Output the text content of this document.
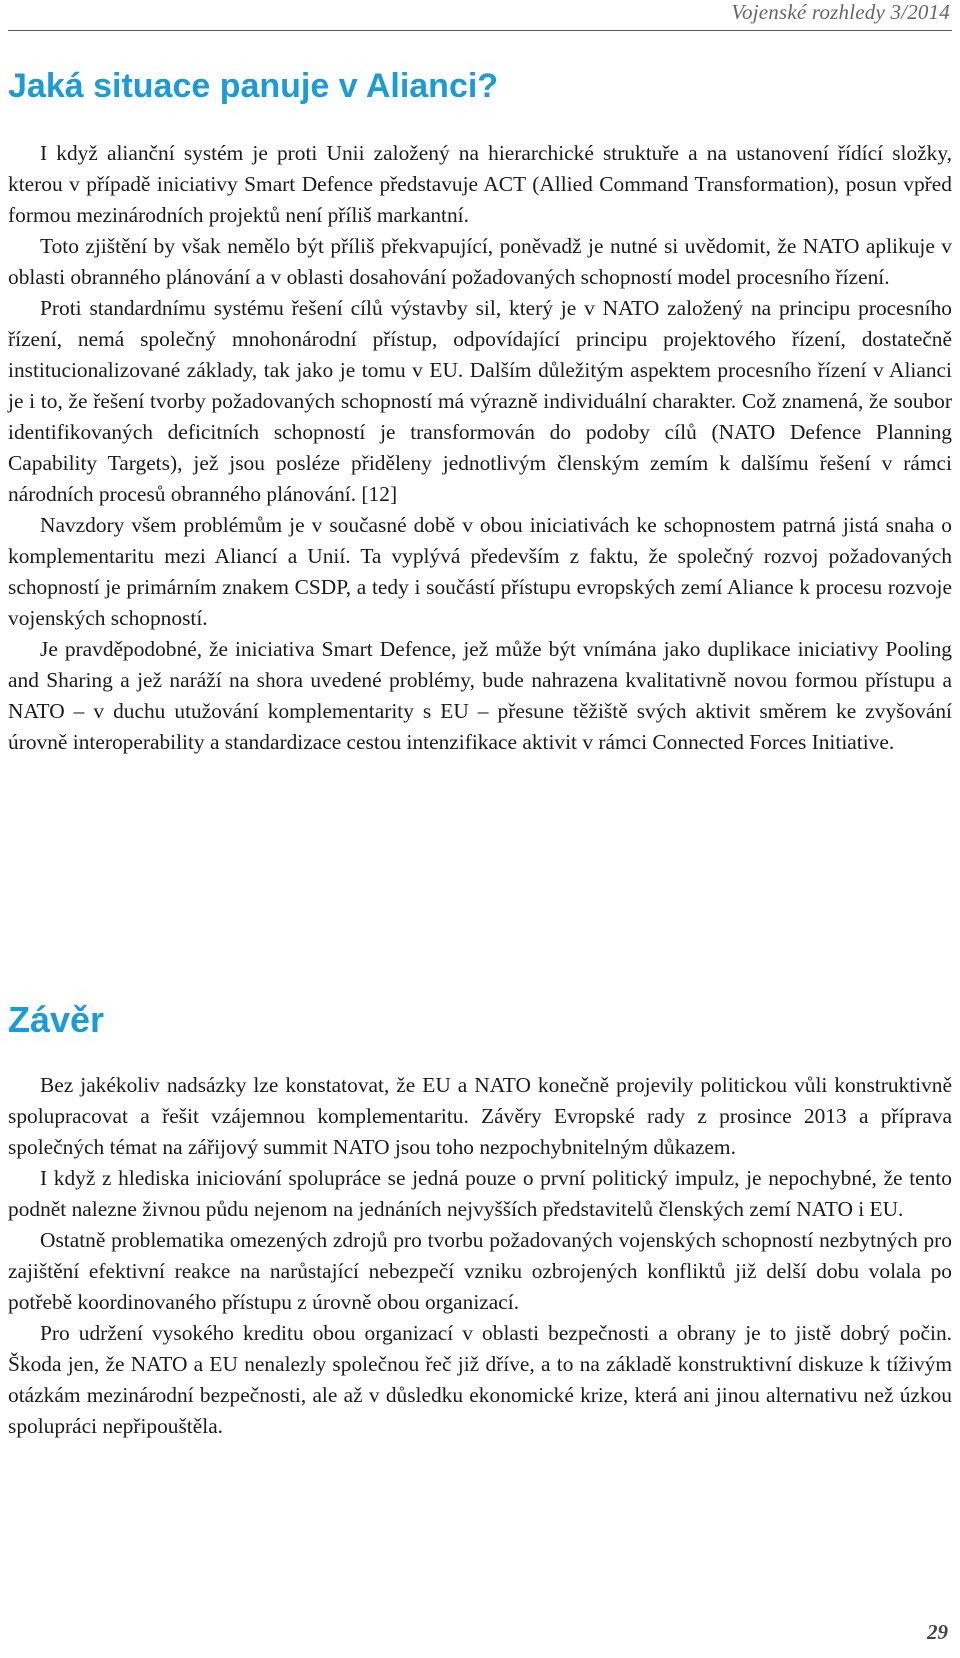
Vojenské rozhledy 3/2014
Jaká situace panuje v Alianci?

I když alianční systém je proti Unii založený na hierarchické struktuře a na ustanovení řídící složky, kterou v případě iniciativy Smart Defence představuje ACT (Allied Command Transformation), posun vpřed formou mezinárodních projektů není příliš markantní.

Toto zjištění by však nemělo být příliš překvapující, poněvadž je nutné si uvědomit, že NATO aplikuje v oblasti obranného plánování a v oblasti dosahování požadovaných schopností model procesního řízení.

Proti standardnímu systému řešení cílů výstavby sil, který je v NATO založený na principu procesního řízení, nemá společný mnohonárodní přístup, odpovídající principu projektového řízení, dostatečně institucionalizované základy, tak jako je tomu v EU. Dalším důležitým aspektem procesního řízení v Alianci je i to, že řešení tvorby požadovaných schopností má výrazně individuální charakter. Což znamená, že soubor identifikovaných deficitních schopností je transformován do podoby cílů (NATO Defence Planning Capability Targets), jež jsou posléze přiděleny jednotlivým členským zemím k dalšímu řešení v rámci národních procesů obranného plánování. [12]

Navzdory všem problémům je v současné době v obou iniciativách ke schopnostem patrná jistá snaha o komplementaritu mezi Aliancí a Unií. Ta vyplývá především z faktu, že společný rozvoj požadovaných schopností je primárním znakem CSDP, a tedy i součástí přístupu evropských zemí Aliance k procesu rozvoje vojenských schopností.

Je pravděpodobné, že iniciativa Smart Defence, jež může být vnímána jako duplikace iniciativy Pooling and Sharing a jež naráží na shora uvedené problémy, bude nahrazena kvalitativně novou formou přístupu a NATO – v duchu utužování komplementarity s EU – přesune těžiště svých aktivit směrem ke zvyšování úrovně interoperability a standardizace cestou intenzifikace aktivit v rámci Connected Forces Initiative.

Závěr

Bez jakékoliv nadsázky lze konstatovat, že EU a NATO konečně projevily politickou vůli konstruktivně spolupracovat a řešit vzájemnou komplementaritu. Závěry Evropské rady z prosince 2013 a příprava společných témat na zářijový summit NATO jsou toho nezpochybnitelným důkazem.

I když z hlediska iniciování spolupráce se jedná pouze o první politický impulz, je nepochybné, že tento podnět nalezne živnou půdu nejenom na jednáních nejvyšších představitelů členských zemí NATO i EU.

Ostatně problematika omezených zdrojů pro tvorbu požadovaných vojenských schopností nezbytných pro zajištění efektivní reakce na narůstající nebezpečí vzniku ozbrojených konfliktů již delší dobu volala po potřebě koordinovaného přístupu z úrovně obou organizací.

Pro udržení vysokého kreditu obou organizací v oblasti bezpečnosti a obrany je to jistě dobrý počin. Škoda jen, že NATO a EU nenalezly společnou řeč již dříve, a to na základě konstruktivní diskuze k tíživým otázkám mezinárodní bezpečnosti, ale až v důsledku ekonomické krize, která ani jinou alternativu než úzkou spolupráci nepřipouštěla.

29
